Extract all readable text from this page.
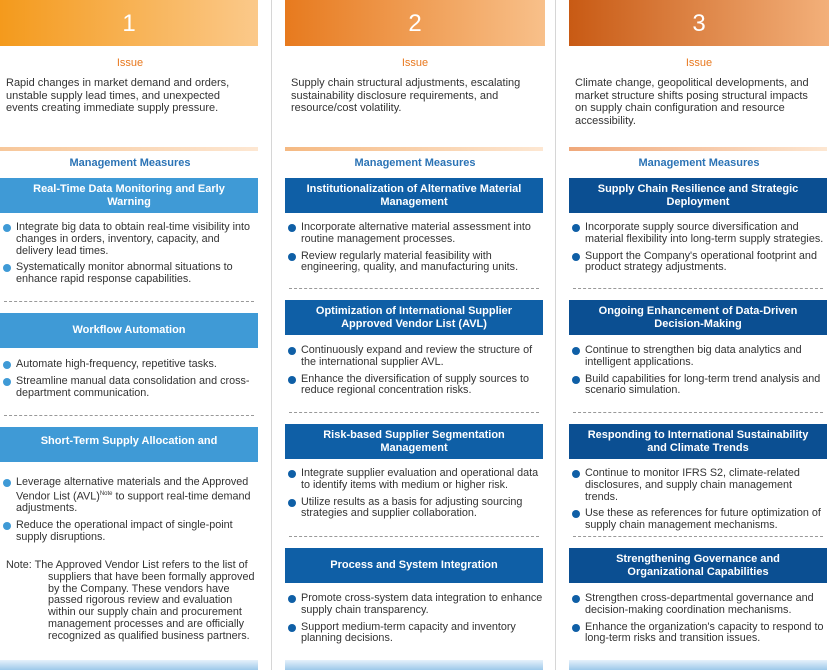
1
Issue
Rapid changes in market demand and orders, unstable supply lead times, and unexpected events creating immediate supply pressure.
Management Measures
Real-Time Data Monitoring and Early Warning
Integrate big data to obtain real-time visibility into changes in orders, inventory, capacity, and delivery lead times.
Systematically monitor abnormal situations to enhance rapid response capabilities.
Workflow Automation
Automate high-frequency, repetitive tasks.
Streamline manual data consolidation and cross-department communication.
Short-Term Supply Allocation and
Leverage alternative materials and the Approved Vendor List (AVL)$^{Note}$ to support real-time demand adjustments.
Reduce the operational impact of single-point supply disruptions.
Note: The Approved Vendor List refers to the list of suppliers that have been formally approved by the Company. These vendors have passed rigorous review and evaluation within our supply chain and procurement management processes and are officially recognized as qualified business partners.
2
Issue
Supply chain structural adjustments, escalating sustainability disclosure requirements, and resource/cost volatility.
Management Measures
Institutionalization of Alternative Material Management
Incorporate alternative material assessment into routine management processes.
Review regularly material feasibility with engineering, quality, and manufacturing units.
Optimization of International Supplier Approved Vendor List (AVL)
Continuously expand and review the structure of the international supplier AVL.
Enhance the diversification of supply sources to reduce regional concentration risks.
Risk-based Supplier Segmentation Management
Integrate supplier evaluation and operational data to identify items with medium or higher risk.
Utilize results as a basis for adjusting sourcing strategies and supplier collaboration.
Process and System Integration
Promote cross-system data integration to enhance supply chain transparency.
Support medium-term capacity and inventory planning decisions.
3
Issue
Climate change, geopolitical developments, and market structure shifts posing structural impacts on supply chain configuration and resource accessibility.
Management Measures
Supply Chain Resilience and Strategic Deployment
Incorporate supply source diversification and material flexibility into long-term supply strategies.
Support the Company's operational footprint and product strategy adjustments.
Ongoing Enhancement of Data-Driven Decision-Making
Continue to strengthen big data analytics and intelligent applications.
Build capabilities for long-term trend analysis and scenario simulation.
Responding to International Sustainability and Climate Trends
Continue to monitor IFRS S2, climate-related disclosures, and supply chain management trends.
Use these as references for future optimization of supply chain management mechanisms.
Strengthening Governance and Organizational Capabilities
Strengthen cross-departmental governance and decision-making coordination mechanisms.
Enhance the organization's capacity to respond to long-term risks and transition issues.
